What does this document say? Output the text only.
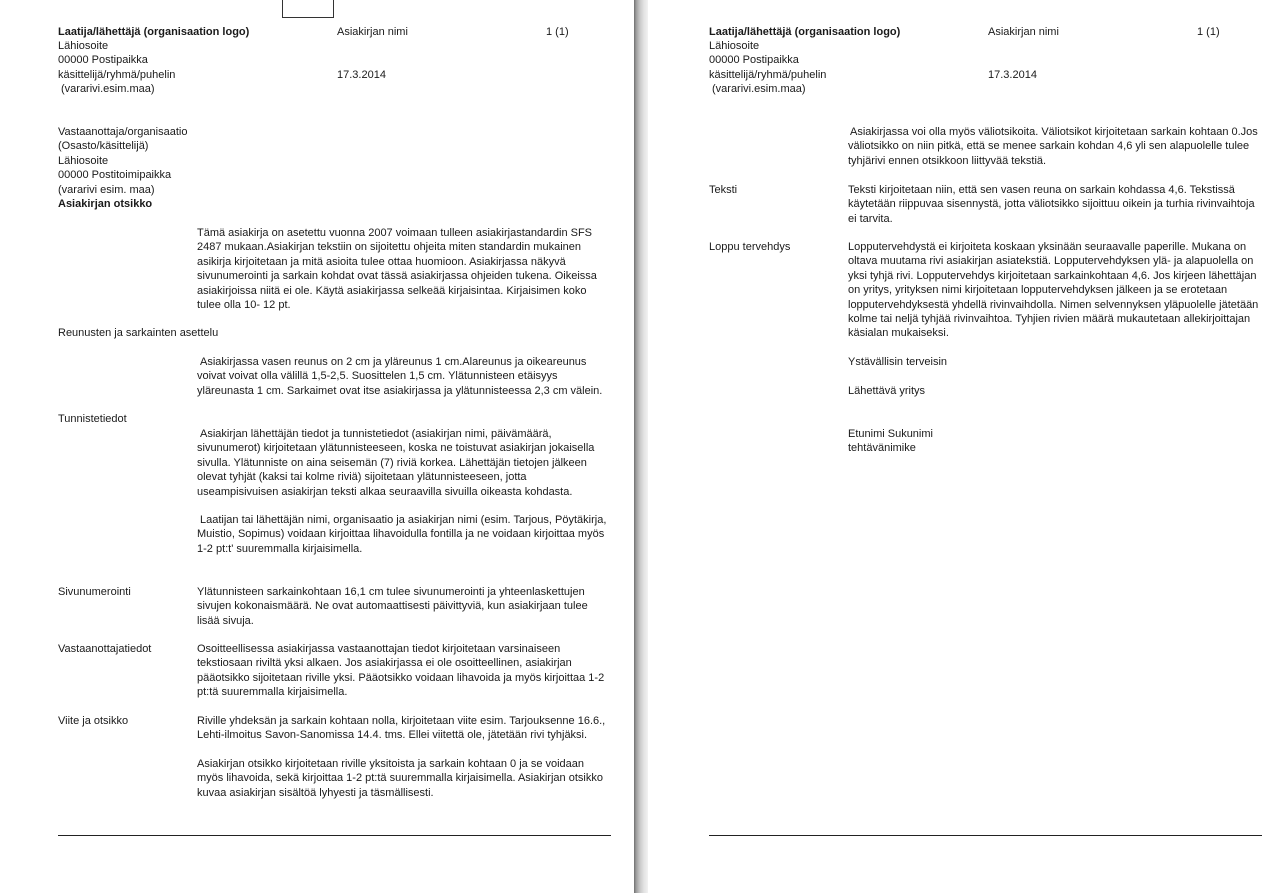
Laatija/lähettäjä (organisaation logo)
Lähiosoite
00000 Postipaikka
käsittelijä/ryhmä/puhelin
(vararivi.esim.maa)
Asiakirjan nimi	1 (1)
17.3.2014
Vastaanottaja/organisaatio
(Osasto/käsittelijä)
Lähiosoite
00000 Postitoimipaikka
(vararivi esim. maa)
Asiakirjan otsikko
Tämä asiakirja on asetettu vuonna 2007 voimaan tulleen asiakirjastandardin SFS 2487 mukaan.Asiakirjan tekstiin on sijoitettu ohjeita miten standardin mukainen asikirja kirjoitetaan ja mitä asioita tulee ottaa huomioon. Asiakirjassa näkyvä sivunumerointi ja sarkain kohdat ovat tässä asiakirjassa ohjeiden tukena. Oikeissa asiakirjoissa niitä ei ole. Käytä asiakirjassa selkeää kirjaisintaa. Kirjaisimen koko tulee olla 10- 12 pt.
Reunusten ja sarkainten asettelu
Asiakirjassa vasen reunus on 2 cm ja yläreunus 1 cm.Alareunus ja oikeareunus voivat voivat olla välillä 1,5-2,5. Suosittelen 1,5 cm. Ylätunnisteen etäisyys yläreunasta 1 cm. Sarkaimet ovat itse asiakirjassa ja ylätunnisteessa 2,3 cm välein.
Tunnistetiedot
Asiakirjan lähettäjän tiedot ja tunnistetiedot (asiakirjan nimi, päivämäärä, sivunumerot) kirjoitetaan ylätunnisteeseen, koska ne toistuvat asiakirjan jokaisella sivulla. Ylätunniste on aina seisemän (7) riviä korkea. Lähettäjän tietojen jälkeen olevat tyhjät (kaksi tai kolme riviä) sijoitetaan ylätunnisteeseen, jotta useampisivuisen asiakirjan teksti alkaa seuraavilla sivuilla oikeasta kohdasta.
Laatijan tai lähettäjän nimi, organisaatio ja asiakirjan nimi (esim. Tarjous, Pöytäkirja, Muistio, Sopimus) voidaan kirjoittaa lihavoidulla fontilla ja ne voidaan kirjoittaa myös 1-2 pt:t' suuremmalla kirjaisimella.
Sivunumerointi	Ylätunnisteen sarkainkohtaan 16,1 cm tulee sivunumerointi ja yhteenlaskettujen sivujen kokonaismäärä. Ne ovat automaattisesti päivittyviä, kun asiakirjaan tulee lisää sivuja.
Vastaanottajatiedot	Osoitteellisessa asiakirjassa vastaanottajan tiedot kirjoitetaan varsinaiseen tekstiosaan riviltä yksi alkaen. Jos asiakirjassa ei ole osoitteellinen, asiakirjan pääotsikko sijoitetaan riville yksi. Pääotsikko voidaan lihavoida ja myös kirjoittaa 1-2 pt:tä suuremmalla kirjaisimella.
Viite ja otsikko	Riville yhdeksän ja sarkain kohtaan nolla, kirjoitetaan viite esim. Tarjouksenne 16.6., Lehti-ilmoitus Savon-Sanomissa 14.4. tms. Ellei viitettä ole, jätetään rivi tyhjäksi.
Asiakirjan otsikko kirjoitetaan riville yksitoista ja sarkain kohtaan 0 ja se voidaan myös lihavoida, sekä kirjoittaa 1-2 pt:tä suuremmalla kirjaisimella. Asiakirjan otsikko kuvaa asiakirjan sisältöä lyhyesti ja täsmällisesti.
Laatija/lähettäjä (organisaation logo)
Lähiosoite
00000 Postipaikka
käsittelijä/ryhmä/puhelin
(vararivi.esim.maa)
Asiakirjan nimi	1 (1)
17.3.2014
Asiakirjassa voi olla myös väliotsikoita. Väliotsikot kirjoitetaan sarkain kohtaan 0.Jos väliotsikko on niin pitkä, että se menee sarkain kohdan 4,6 yli sen alapuolelle tulee tyhjärivi ennen otsikkoon liittyvää tekstiä.
Teksti	Teksti kirjoitetaan niin, että sen vasen reuna on sarkain kohdassa 4,6. Tekstissä käytetään riippuvaa sisennystä, jotta väliotsikko sijoittuu oikein ja turhia rivinvaihtoja ei tarvita.
Loppu tervehdys	Lopputervehdystä ei kirjoiteta koskaan yksinään seuraavalle paperille. Mukana on oltava muutama rivi asiakirjan asiatekstiä. Lopputervehdyksen ylä- ja alapuolella on yksi tyhjä rivi. Lopputervehdys kirjoitetaan sarkainkohtaan 4,6. Jos kirjeen lähettäjan on yritys, yrityksen nimi kirjoitetaan lopputervehdyksen jälkeen ja se erotetaan lopputervehdyksestä yhdellä rivinvaihdolla. Nimen selvennyksen yläpuolelle jätetään kolme tai neljä tyhjää rivinvaihtoa. Tyhjien rivien määrä mukautetaan allekirjoittajan käsialan mukaiseksi.
Ystävällisin terveisin
Lähettävä yritys
Etunimi Sukunimi
tehtävänimike
